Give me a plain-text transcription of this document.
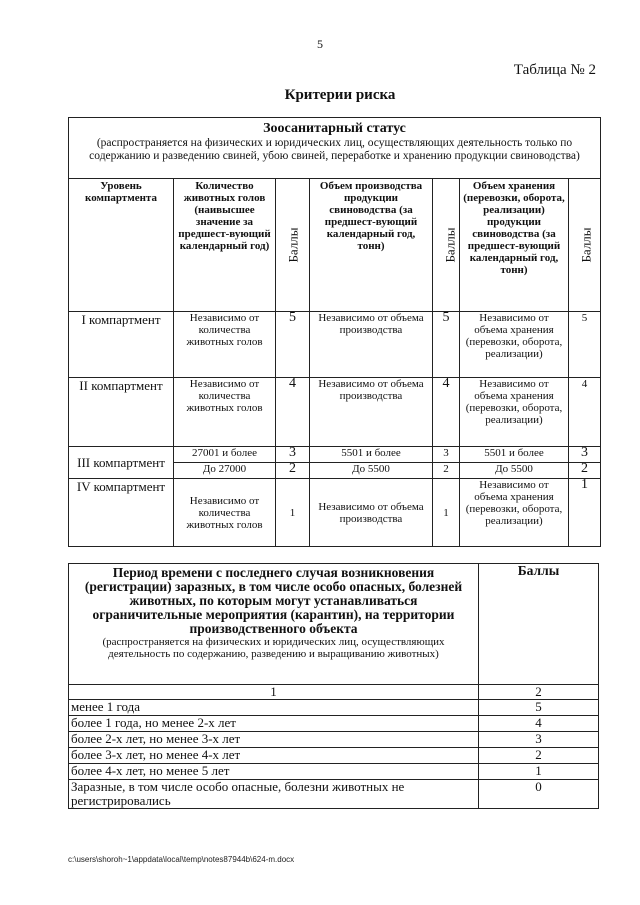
5
Таблица № 2
Критерии риска
Зоосанитарный статус
(распространяется на физических и юридических лиц, осуществляющих деятельность только по содержанию и разведению свиней, убою свиней, переработке и хранению продукции свиноводства)						

Уровень компартмента	Количество животных голов (наивысшее значение за предшест-вующий календарный год)	Баллы	Объем производства продукции свиноводства (за предшест-вующий календарный год, тонн)	Баллы	Объем хранения (перевозки, оборота, реализации) продукции свиноводства (за предшест-вующий календарный год, тонн)	Баллы
I компартмент	Независимо от количества животных голов	5	Независимо от объема производства	5	Независимо от объема хранения (перевозки, оборота, реализации)	5
II компартмент	Независимо от количества животных голов	4	Независимо от объема производства	4	Независимо от объема хранения (перевозки, оборота, реализации)	4
III компартмент	27001 и более	3	5501 и более	3	5501 и более	3
	До 27000	2	До 5500	2	До 5500	2
IV компартмент	Независимо от количества животных голов	1	Независимо от объема производства	1	Независимо от объема хранения (перевозки, оборота, реализации)	1
Период времени с последнего случая возникновения (регистрации) заразных, в том числе особо опасных, болезней животных, по которым могут устанавливаться ограничительные мероприятия (карантин), на территории производственного объекта
(распространяется на физических и юридических лиц, осуществляющих деятельность по содержанию, разведению и выращиванию животных)	Баллы
1	2
менее 1 года	5
более 1 года, но менее 2-х лет	4
более 2-х лет, но менее 3-х лет	3
более 3-х лет, но менее 4-х лет	2
более 4-х лет, но менее 5 лет	1
Заразные, в том числе особо опасные, болезни животных не регистрировались	0
c:\users\shoroh~1\appdata\local\temp\notes87944b\624-m.docx
